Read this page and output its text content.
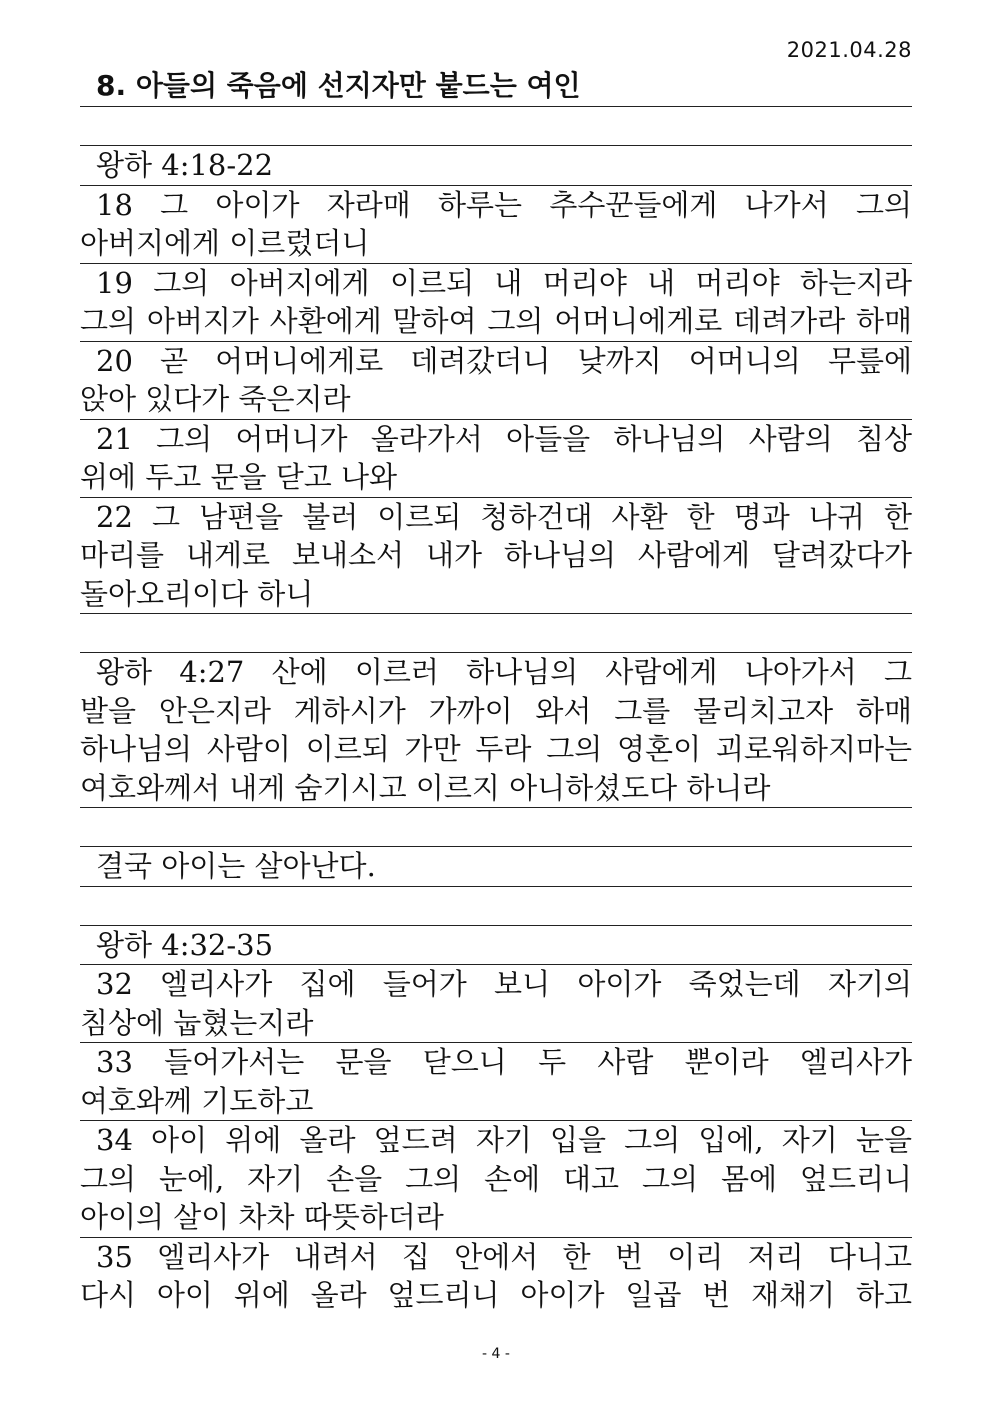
2021.04.28
8. 아들의 죽음에 선지자만 붙드는 여인
왕하 4:18-22
18 그 아이가 자라매 하루는 추수꾼들에게 나가서 그의
아버지에게 이르렀더니
19 그의 아버지에게 이르되 내 머리야 내 머리야 하는지라
그의 아버지가 사환에게 말하여 그의 어머니에게로 데려가라 하매
20 곧 어머니에게로 데려갔더니 낮까지 어머니의 무릎에
앉아 있다가 죽은지라
21 그의 어머니가 올라가서 아들을 하나님의 사람의 침상
위에 두고 문을 닫고 나와
22 그 남편을 불러 이르되 청하건대 사환 한 명과 나귀 한
마리를 내게로 보내소서 내가 하나님의 사람에게 달려갔다가
돌아오리이다 하니
왕하 4:27 산에 이르러 하나님의 사람에게 나아가서 그
발을 안은지라 게하시가 가까이 와서 그를 물리치고자 하매
하나님의 사람이 이르되 가만 두라 그의 영혼이 괴로워하지마는
여호와께서 내게 숨기시고 이르지 아니하셨도다 하니라
결국 아이는 살아난다.
왕하 4:32-35
32 엘리사가 집에 들어가 보니 아이가 죽었는데 자기의
침상에 눕혔는지라
33 들어가서는 문을 닫으니 두 사람 뿐이라 엘리사가
여호와께 기도하고
34 아이 위에 올라 엎드려 자기 입을 그의 입에, 자기 눈을
그의 눈에, 자기 손을 그의 손에 대고 그의 몸에 엎드리니
아이의 살이 차차 따뜻하더라
35 엘리사가 내려서 집 안에서 한 번 이리 저리 다니고
다시 아이 위에 올라 엎드리니 아이가 일곱 번 재채기 하고
- 4 -
